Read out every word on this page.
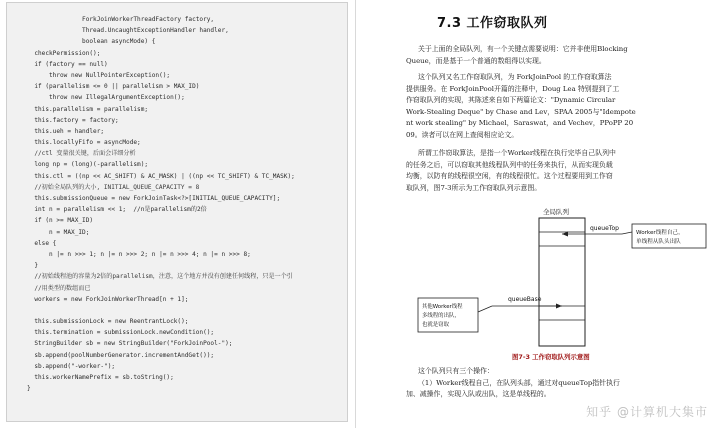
ForkJoinWorkerThreadFactory factory,
Thread.UncaughtExceptionHandler handler,
boolean asyncMode) {
checkPermission();
if (factory == null)
throw new NullPointerException();
if (parallelism <= 0 || parallelism > MAX_ID)
throw new IllegalArgumentException();
this.parallelism = parallelism;
this.factory = factory;
this.ueh = handler;
this.locallyFifo = asyncMode;
//ctl 变量很关键，后面会详细分析
long np = (long)(-parallelism);
this.ctl = ((np << AC_SHIFT) & AC_MASK) | ((np << TC_SHIFT) & TC_MASK);
//初始全局队列的大小, INITIAL_QUEUE_CAPACITY = 8
this.submissionQueue = new ForkJoinTask<?>[INITIAL_QUEUE_CAPACITY];
int n = parallelism << 1;  //n是parallelism的2倍
if (n >= MAX_ID)
n = MAX_ID;
else {
n |= n >>> 1; n |= n >>> 2; n |= n >>> 4; n |= n >>> 8;
}
//初始线程池的容量为2倍的parallelism，注意，这个地方并没有创建任何线程，只是一个引
//用类型的数组而已
workers = new ForkJoinWorkerThread[n + 1];
this.submissionLock = new ReentrantLock();
this.termination = submissionLock.newCondition();
StringBuilder sb = new StringBuilder("ForkJoinPool-");
sb.append(poolNumberGenerator.incrementAndGet());
sb.append("-worker-");
this.workerNamePrefix = sb.toString();
}
7.3 工作窃取队列
关于上面的全局队列，有一个关键点需要说明：它并非使用Blocking
Queue，而是基于一个普通的数组得以实现。
这个队列又名工作窃取队列，为 ForkJoinPool 的工作窃取算法
提供服务。在 ForkJoinPool开篇的注释中，Doug Lea 特别提到了工
作窃取队列的实现，其陈述来自如下两篇论文："Dynamic Circular
Work-Stealing Deque" by Chase and Lev，SPAA 2005与"Idempote
nt work stealing" by Michael，Saraswat，and Vechev，PPoPP 20
09。读者可以在网上查阅相应论文。
所谓工作窃取算法，是指一个Worker线程在执行完毕自己队列中
的任务之后，可以窃取其他线程队列中的任务来执行，从而实现负载
均衡，以防有的线程很空闲，有的线程很忙。这个过程要用到工作窃
取队列，图7-3所示为工作窃取队列示意图。
全局队列
queueTop
Worker线程自己， 单线程从队头出队
queueBase
其他Worker线程 多线程的出队， 也就是窃取
图7-3 工作窃取队列示意图
这个队列只有三个操作：
（1）Worker线程自己，在队列头部，通过对queueTop指针执行
加、减操作，实现入队或出队，这是单线程的。
知乎 @计算机大集市
